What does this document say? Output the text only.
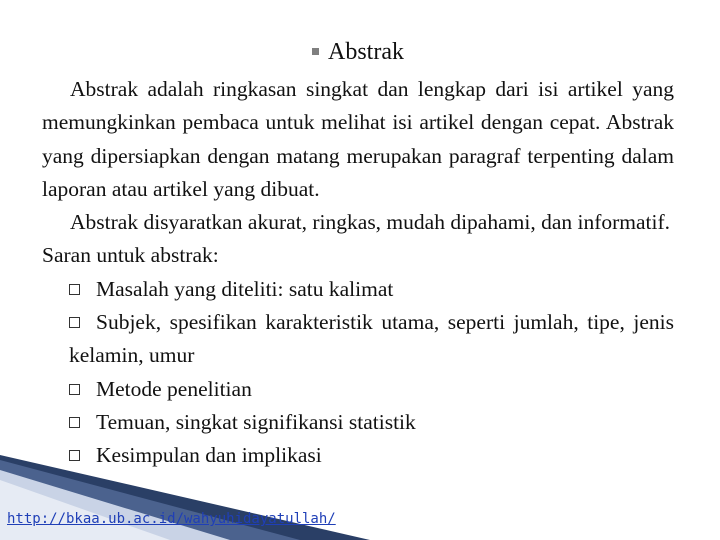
Abstrak

Abstrak adalah ringkasan singkat dan lengkap dari isi artikel yang memungkinkan pembaca untuk melihat isi artikel dengan cepat. Abstrak yang dipersiapkan dengan matang merupakan paragraf terpenting dalam laporan atau artikel yang dibuat.

Abstrak disyaratkan akurat, ringkas, mudah dipahami, dan informatif. Saran untuk abstrak:

Masalah yang diteliti: satu kalimat
Subjek, spesifikan karakteristik utama, seperti jumlah, tipe, jenis kelamin, umur
Metode penelitian
Temuan, singkat signifikansi statistik
Kesimpulan dan implikasi
http://bkaa.ub.ac.id/wahyuhidayatullah/
